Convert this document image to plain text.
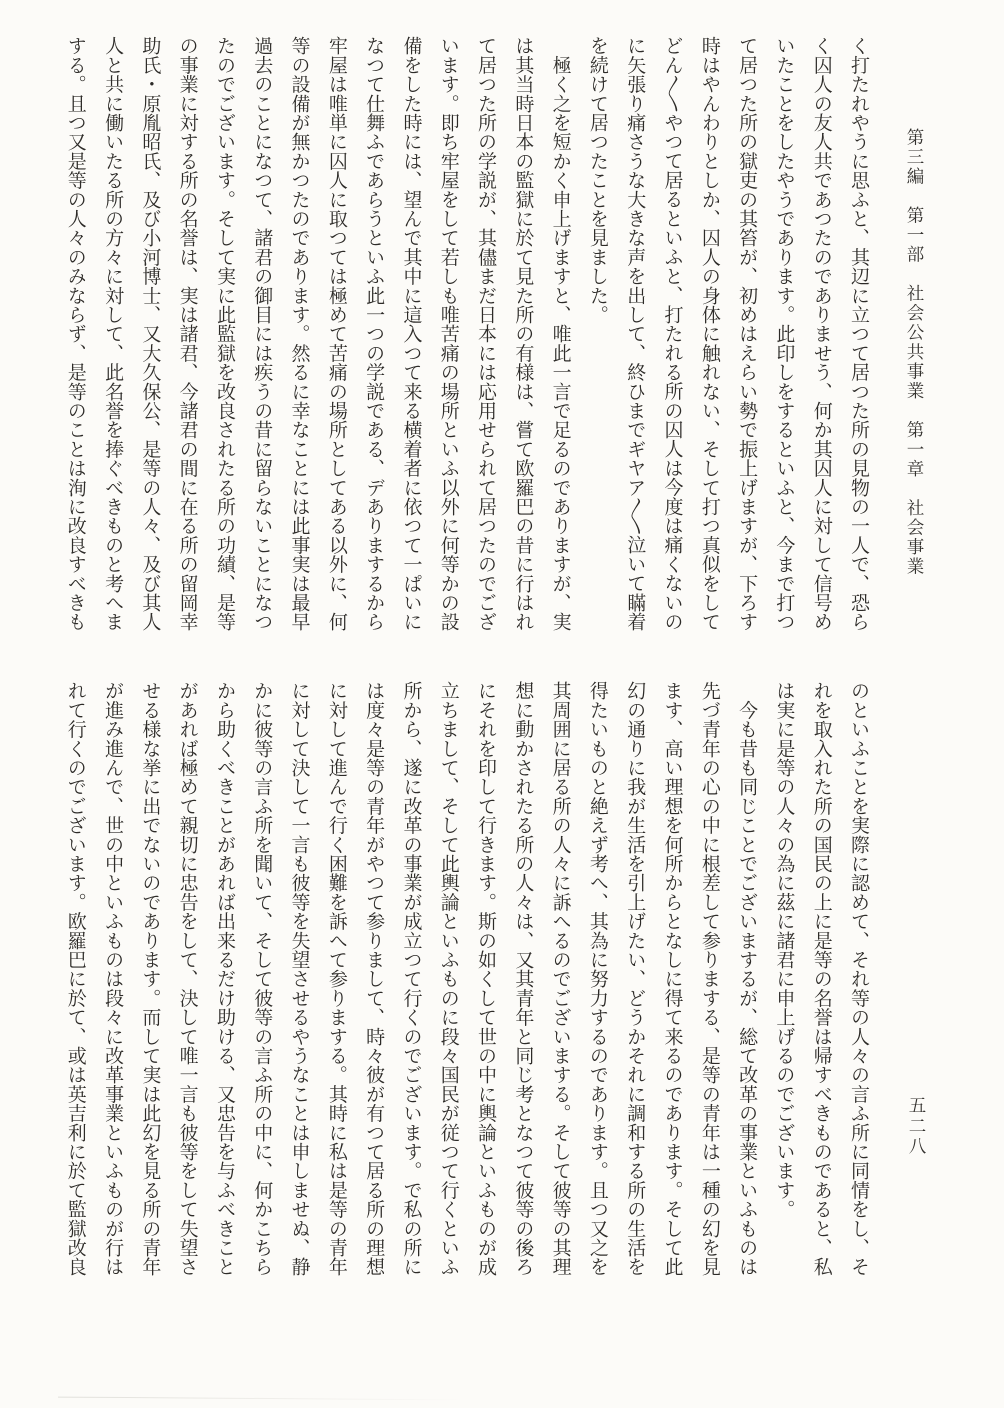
第三編　第一部　社会公共事業　第一章　社会事業

く打たれやうに思ふと、其辺に立つて居つた所の見物の一人で、恐ら

く囚人の友人共であつたのでありませう、何か其囚人に対して信号め

いたことをしたやうであります。此印しをするといふと、今まで打つ

て居つた所の獄吏の其笞が、初めはえらい勢で振上げますが、下ろす

時はやんわりとしか、囚人の身体に触れない、そして打つ真似をして

どん〱やつて居るといふと、打たれる所の囚人は今度は痛くないの

に矢張り痛さうな大きな声を出して、終ひまでギヤア〱泣いて瞞着

を続けて居つたことを見ました。

　極く之を短かく申上げますと、唯此一言で足るのでありますが、実

は其当時日本の監獄に於て見た所の有様は、嘗て欧羅巴の昔に行はれ

て居つた所の学説が、其儘まだ日本には応用せられて居つたのでござ

います。即ち牢屋をして若しも唯苦痛の場所といふ以外に何等かの設

備をした時には、望んで其中に這入つて来る横着者に依つて一ぱいに

なつて仕舞ふであらうといふ此一つの学説である、デありまするから

牢屋は唯単に囚人に取つては極めて苦痛の場所としてある以外に、何

等の設備が無かつたのであります。然るに幸なことには此事実は最早

過去のことになつて、諸君の御目には疾うの昔に留らないことになつ

たのでございます。そして実に此監獄を改良されたる所の功績、是等

の事業に対する所の名誉は、実は諸君、今諸君の間に在る所の留岡幸

助氏・原胤昭氏、及び小河博士、又大久保公、是等の人々、及び其人

人と共に働いたる所の方々に対して、此名誉を捧ぐべきものと考へま

する。且つ又是等の人々のみならず、是等のことは洵に改良すべきも

のといふことを実際に認めて、それ等の人々の言ふ所に同情をし、そ

れを取入れた所の国民の上に是等の名誉は帰すべきものであると、私

は実に是等の人々の為に茲に諸君に申上げるのでございます。

　今も昔も同じことでございまするが、総て改革の事業といふものは

先づ青年の心の中に根差して参りまする、是等の青年は一種の幻を見

ます、高い理想を何所からとなしに得て来るのであります。そして此

幻の通りに我が生活を引上げたい、どうかそれに調和する所の生活を

得たいものと絶えず考へ、其為に努力するのであります。且つ又之を

其周囲に居る所の人々に訴へるのでございまする。そして彼等の其理

想に動かされたる所の人々は、又其青年と同じ考となつて彼等の後ろ

にそれを印して行きます。斯の如くして世の中に輿論といふものが成

立ちまして、そして此輿論といふものに段々国民が従つて行くといふ

所から、遂に改革の事業が成立つて行くのでございます。で私の所に

は度々是等の青年がやつて参りまして、時々彼が有つて居る所の理想

に対して進んで行く困難を訴へて参りまする。其時に私は是等の青年

に対して決して一言も彼等を失望させるやうなことは申しませぬ、静

かに彼等の言ふ所を聞いて、そして彼等の言ふ所の中に、何かこちら

から助くべきことがあれば出来るだけ助ける、又忠告を与ふべきこと

があれば極めて親切に忠告をして、決して唯一言も彼等をして失望さ

せる様な挙に出でないのであります。而して実は此幻を見る所の青年

が進み進んで、世の中といふものは段々に改革事業といふものが行は

れて行くのでございます。欧羅巴に於て、或は英吉利に於て監獄改良	五二八
